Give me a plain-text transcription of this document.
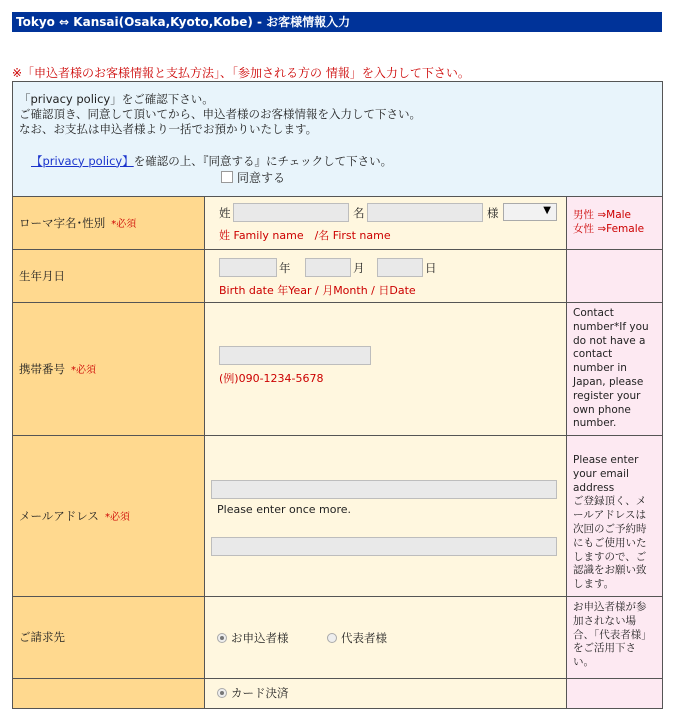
Tokyo ⇔ Kansai(Osaka,Kyoto,Kobe) - お客様情報入力
※「申込者様のお客様情報と支払方法」、「参加される方の 情報」を入力して下さい。
「privacy policy」をご確認下さい。
ご確認頂き、同意して頂いてから、申込者様のお客様情報を入力して下さい。
なお、お支払は申込者様より一括でお預かりいたします。
【privacy policy】を確認の上、『同意する』にチェックして下さい。
同意する		

ローマ字名･性別 *必須	姓 名 様 ▼
姓 Family name　/名 First name	男性 ⇒Male
女性 ⇒Female

生年月日	年 月 日
Birth date 年Year / 月Month / 日Date	

携帯番号 *必須	(例)090-1234-5678	Contact number*If you do not have a contact number in Japan, please register your own phone number.
メールアドレス *必須	Please enter once more.	Please enter your email address
ご登録頂く、メールアドレスは次回のご予約時にもご使用いたしますので、ご認識をお願い致します。

ご請求先	お申込者様 代表者様	お申込者様が参加されない場合、「代表者様」をご活用下さい。

	カード決済	
